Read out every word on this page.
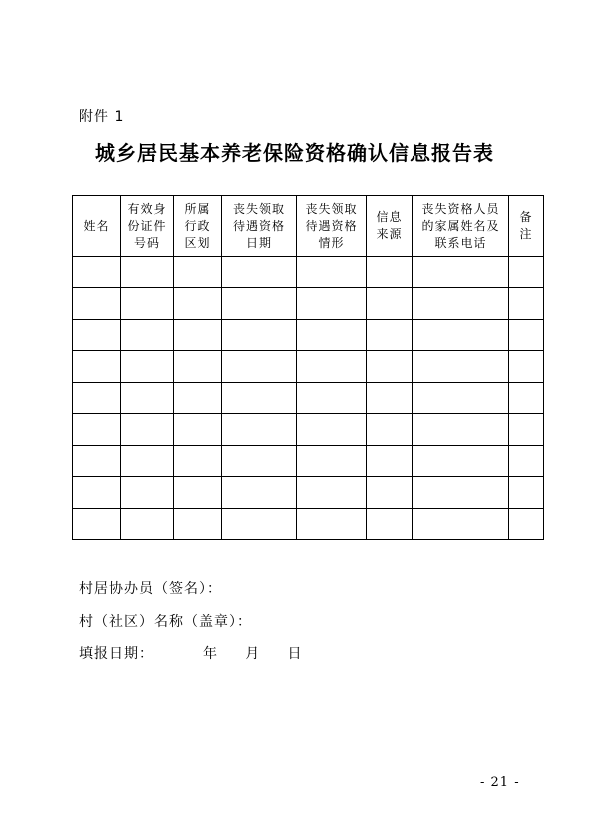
附件 1
城乡居民基本养老保险资格确认信息报告表
姓名	有效身
份证件
号码	所属
行政
区划	丧失领取
待遇资格
日期	丧失领取
待遇资格
情形	信息
来源	丧失资格人员
的家属姓名及
联系电话	备
注

村居协办员（签名）：
村（社区）名称（盖章）：
填报日期：         年     月     日
- 21 -
